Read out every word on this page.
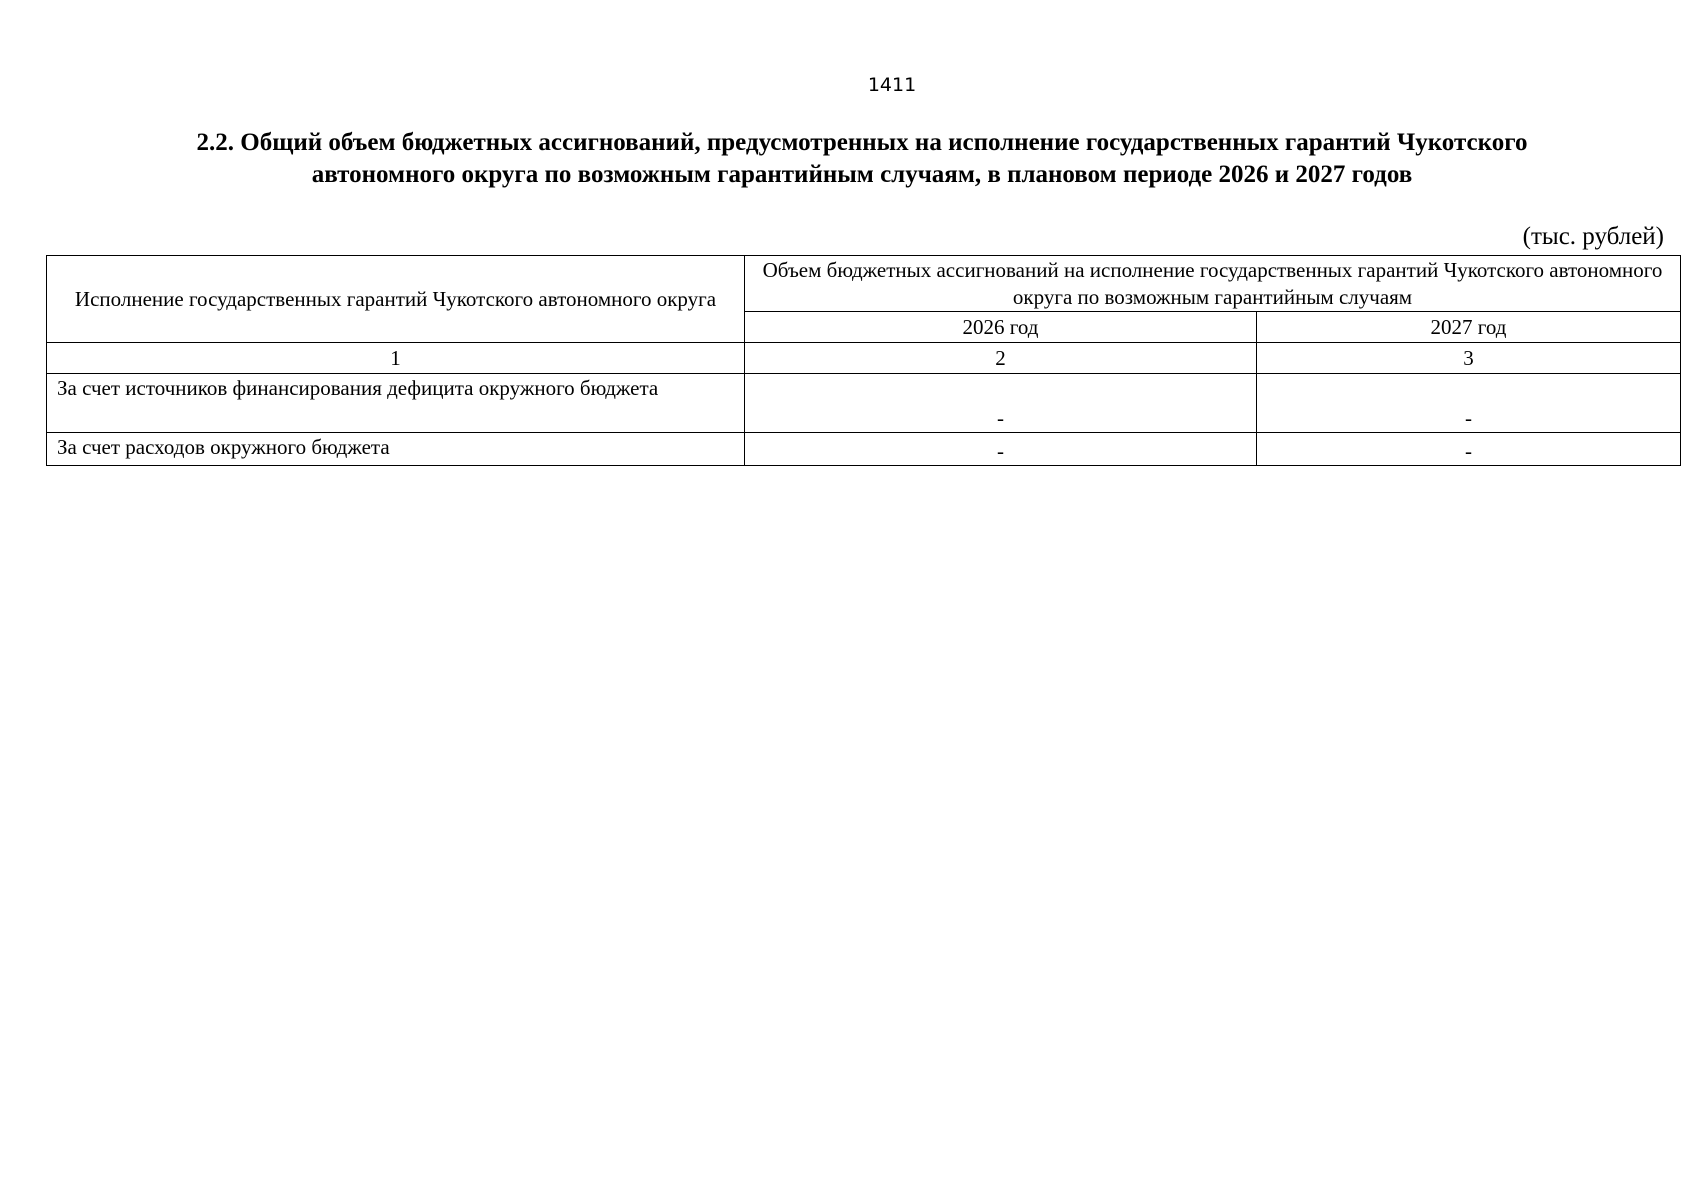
1411
2.2. Общий объем бюджетных ассигнований, предусмотренных на исполнение государственных гарантий Чукотского
автономного округа по возможным гарантийным случаям, в плановом периоде 2026 и 2027 годов
(тыс. рублей)
Исполнение государственных гарантий Чукотского автономного округа	Объем бюджетных ассигнований на исполнение государственных гарантий Чукотского автономного округа по возможным гарантийным случаям	
	2026 год	2027 год
1	2	3
За счет источников финансирования дефицита окружного бюджета	-	-
За счет расходов окружного бюджета	-	-
